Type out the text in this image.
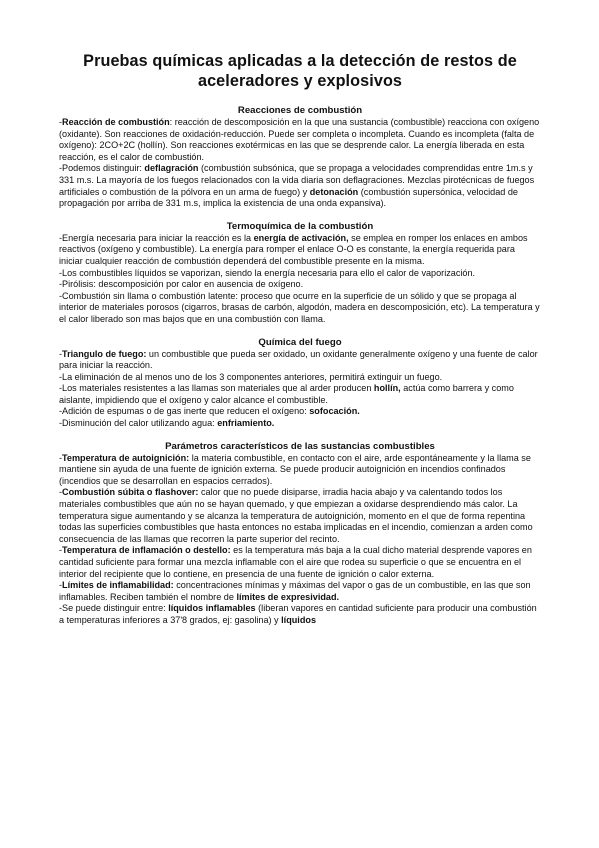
Pruebas químicas aplicadas a la detección de restos de aceleradores y explosivos
Reacciones de combustión

-Reacción de combustión: reacción de descomposición en la que una sustancia (combustible) reacciona con oxígeno (oxidante). Son reacciones de oxidación-reducción. Puede ser completa o incompleta. Cuando es incompleta (falta de oxígeno): 2CO+2C (hollín). Son reacciones exotérmicas en las que se desprende calor. La energía liberada en esta reacción, es el calor de combustión.

-Podemos distinguir: deflagración (combustión subsónica, que se propaga a velocidades comprendidas entre 1m.s y 331 m.s. La mayoría de los fuegos relacionados con la vida diaria son deflagraciones. Mezclas pirotécnicas de fuegos artificiales o combustión de la pólvora en un arma de fuego) y detonación (combustión supersónica, velocidad de propagación por arriba de 331 m.s, implica la existencia de una onda expansiva).

Termoquímica de la combustión

-Energía necesaria para iniciar la reacción es la energía de activación, se emplea en romper los enlaces en ambos reactivos (oxígeno y combustible). La energía para romper el enlace O-O es constante, la energía requerida para iniciar cualquier reacción de combustión dependerá del combustible presente en la misma.

-Los combustibles líquidos se vaporizan, siendo la energía necesaria para ello el calor de vaporización.

-Pirólisis: descomposición por calor en ausencia de oxígeno.

-Combustión sin llama o combustión latente: proceso que ocurre en la superficie de un sólido y que se propaga al interior de materiales porosos (cigarros, brasas de carbón, algodón, madera en descomposición, etc). La temperatura y el calor liberado son mas bajos que en una combustión con llama.

Química del fuego

-Triangulo de fuego: un combustible que pueda ser oxidado, un oxidante generalmente oxígeno y una fuente de calor para iniciar la reacción.

-La eliminación de al menos uno de los 3 componentes anteriores, permitirá extinguir un fuego.

-Los materiales resistentes a las llamas son materiales que al arder producen hollín, actúa como barrera y como aislante, impidiendo que el oxígeno y calor alcance el combustible.

-Adición de espumas o de gas inerte que reducen el oxígeno: sofocación.

-Disminución del calor utilizando agua: enfriamiento.

Parámetros característicos de las sustancias combustibles

-Temperatura de autoignición: la materia combustible, en contacto con el aire, arde espontáneamente y la llama se mantiene sin ayuda de una fuente de ignición externa. Se puede producir autoignición en incendios confinados (incendios que se desarrollan en espacios cerrados).

-Combustión súbita o flashover: calor que no puede disiparse, irradia hacia abajo y va calentando todos los materiales combustibles que aún no se hayan quemado, y que empiezan a oxidarse desprendiendo más calor. La temperatura sigue aumentando y se alcanza la temperatura de autoignición, momento en el que de forma repentina todas las superficies combustibles que hasta entonces no estaba implicadas en el incendio, comienzan a arden como consecuencia de las llamas que recorren la parte superior del recinto.

-Temperatura de inflamación o destello: es la temperatura más baja a la cual dicho material desprende vapores en cantidad suficiente para formar una mezcla inflamable con el aire que rodea su superficie o que se encuentra en el interior del recipiente que lo contiene, en presencia de una fuente de ignición o calor externa.

-Límites de inflamabilidad: concentraciones mínimas y máximas del vapor o gas de un combustible, en las que son inflamables. Reciben también el nombre de límites de expresividad.

-Se puede distinguir entre: líquidos inflamables (liberan vapores en cantidad suficiente para producir una combustión a temperaturas inferiores a 37'8 grados, ej: gasolina) y líquidos
